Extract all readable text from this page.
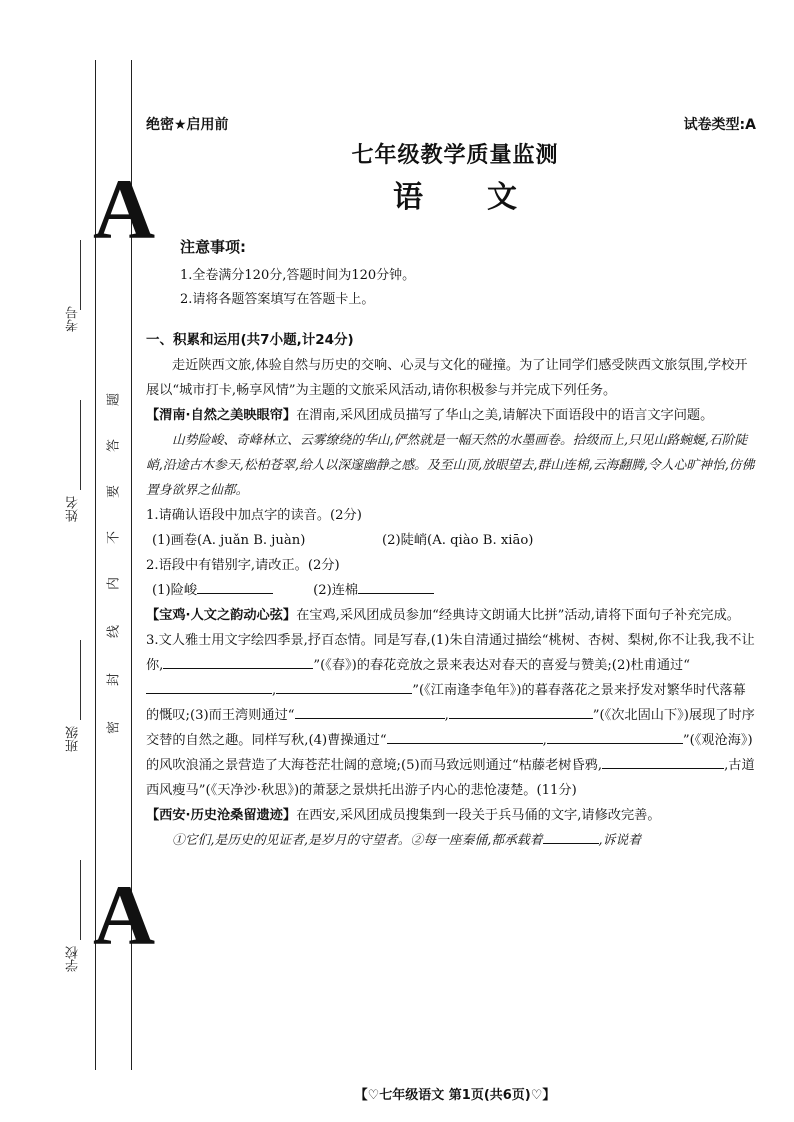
A
A
考号
姓名
班级
学校
题
答
要
不
内
线
封
密
绝密★启用前	试卷类型:A
七年级教学质量监测
语文
注意事项:
1.全卷满分120分,答题时间为120分钟。
2.请将各题答案填写在答题卡上。

一、积累和运用(共7小题,计24分)

走近陕西文旅,体验自然与历史的交响、心灵与文化的碰撞。为了让同学们感受陕西文旅氛围,学校开展以“城市打卡,畅享风情”为主题的文旅采风活动,请你积极参与并完成下列任务。

【渭南·自然之美映眼帘】在渭南,采风团成员描写了华山之美,请解决下面语段中的语言文字问题。

山势险峻、奇峰林立、云雾缭绕的华山,俨然就是一幅天然的水墨画卷。拾级而上,只见山路蜿蜒,石阶陡峭,沿途古木参天,松柏苍翠,给人以深邃幽静之感。及至山顶,放眼望去,群山连棉,云海翻腾,令人心旷神怡,仿佛置身欲界之仙都。

1.请确认语段中加点字的读音。(2分)

(1)画卷(A. juǎn B. juàn)	(2)陡峭(A. qiào B. xiāo)

2.语段中有错别字,请改正。(2分)

(1)险峻	(2)连棉

【宝鸡·人文之韵动心弦】在宝鸡,采风团成员参加“经典诗文朗诵大比拼”活动,请将下面句子补充完成。

3.文人雅士用文字绘四季景,抒百态情。同是写春,(1)朱自清通过描绘“桃树、杏树、梨树,你不让我,我不让你,	”(《春》)的春花竞放之景来表达对春天的喜爱与赞美;(2)杜甫通过“,	”(《江南逢李龟年》)的暮春落花之景来抒发对繁华时代落幕的慨叹;(3)而王湾则通过“	,	”(《次北固山下》)展现了时序交替的自然之趣。同样写秋,(4)曹操通过“	,	”(《观沧海》)的风吹浪涌之景营造了大海苍茫壮阔的意境;(5)而马致远则通过“枯藤老树昏鸦,	,古道西风瘦马”(《天净沙·秋思》)的萧瑟之景烘托出游子内心的悲怆凄楚。(11分)

【西安·历史沧桑留遗迹】在西安,采风团成员搜集到一段关于兵马俑的文字,请修改完善。

①它们,是历史的见证者,是岁月的守望者。②每一座秦俑,都承载着	,诉说着

【♡七年级语文 第1页(共6页)♡】
